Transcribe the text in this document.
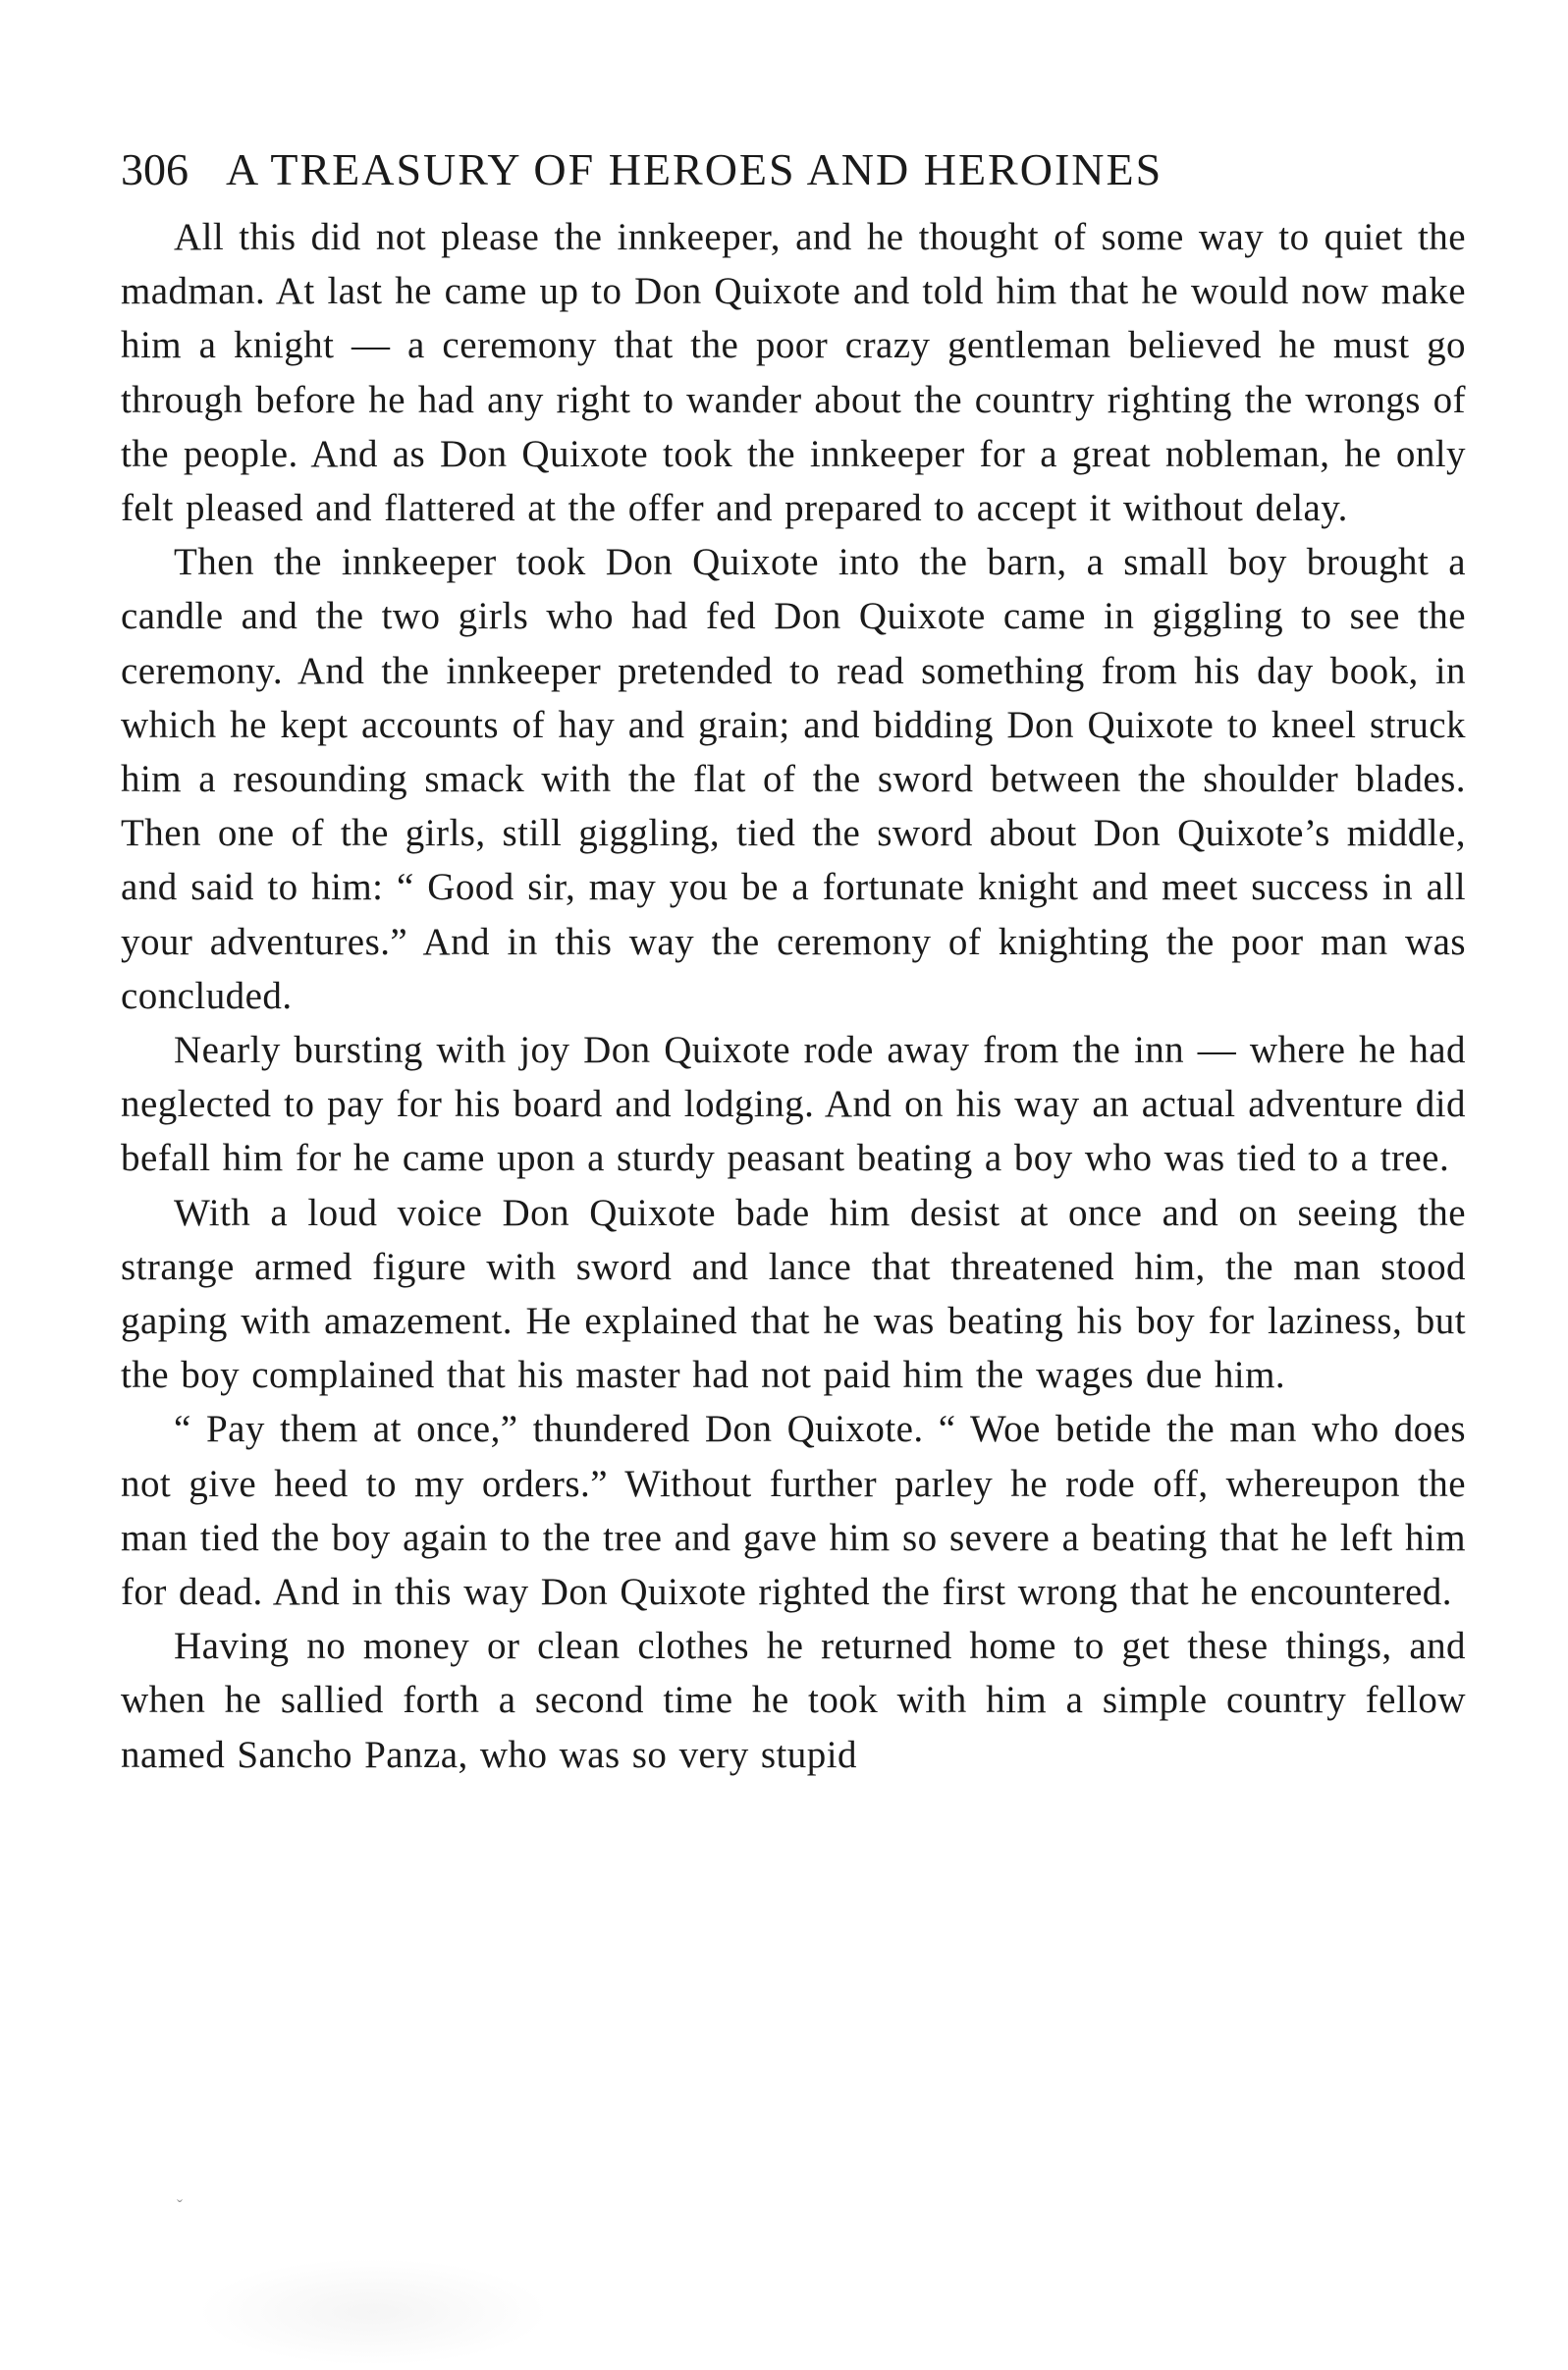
306 A TREASURY OF HEROES AND HEROINES

All this did not please the innkeeper, and he thought of some way to quiet the madman. At last he came up to Don Quixote and told him that he would now make him a knight — a ceremony that the poor crazy gentleman believed he must go through before he had any right to wander about the country righting the wrongs of the people. And as Don Quixote took the innkeeper for a great nobleman, he only felt pleased and flattered at the offer and prepared to accept it without delay.

Then the innkeeper took Don Quixote into the barn, a small boy brought a candle and the two girls who had fed Don Quixote came in giggling to see the ceremony. And the innkeeper pretended to read something from his day book, in which he kept accounts of hay and grain; and bidding Don Quixote to kneel struck him a resounding smack with the flat of the sword between the shoulder blades. Then one of the girls, still giggling, tied the sword about Don Quixote’s middle, and said to him: “ Good sir, may you be a fortunate knight and meet success in all your adventures.” And in this way the ceremony of knighting the poor man was concluded.

Nearly bursting with joy Don Quixote rode away from the inn — where he had neglected to pay for his board and lodging. And on his way an actual adventure did befall him for he came upon a sturdy peasant beating a boy who was tied to a tree.

With a loud voice Don Quixote bade him desist at once and on seeing the strange armed figure with sword and lance that threatened him, the man stood gaping with amazement. He explained that he was beating his boy for laziness, but the boy complained that his master had not paid him the wages due him.

“ Pay them at once,” thundered Don Quixote. “ Woe betide the man who does not give heed to my orders.” Without further parley he rode off, whereupon the man tied the boy again to the tree and gave him so severe a beating that he left him for dead. And in this way Don Quixote righted the first wrong that he encountered.

Having no money or clean clothes he returned home to get these things, and when he sallied forth a second time he took with him a simple country fellow named Sancho Panza, who was so very stupid

ˇ
